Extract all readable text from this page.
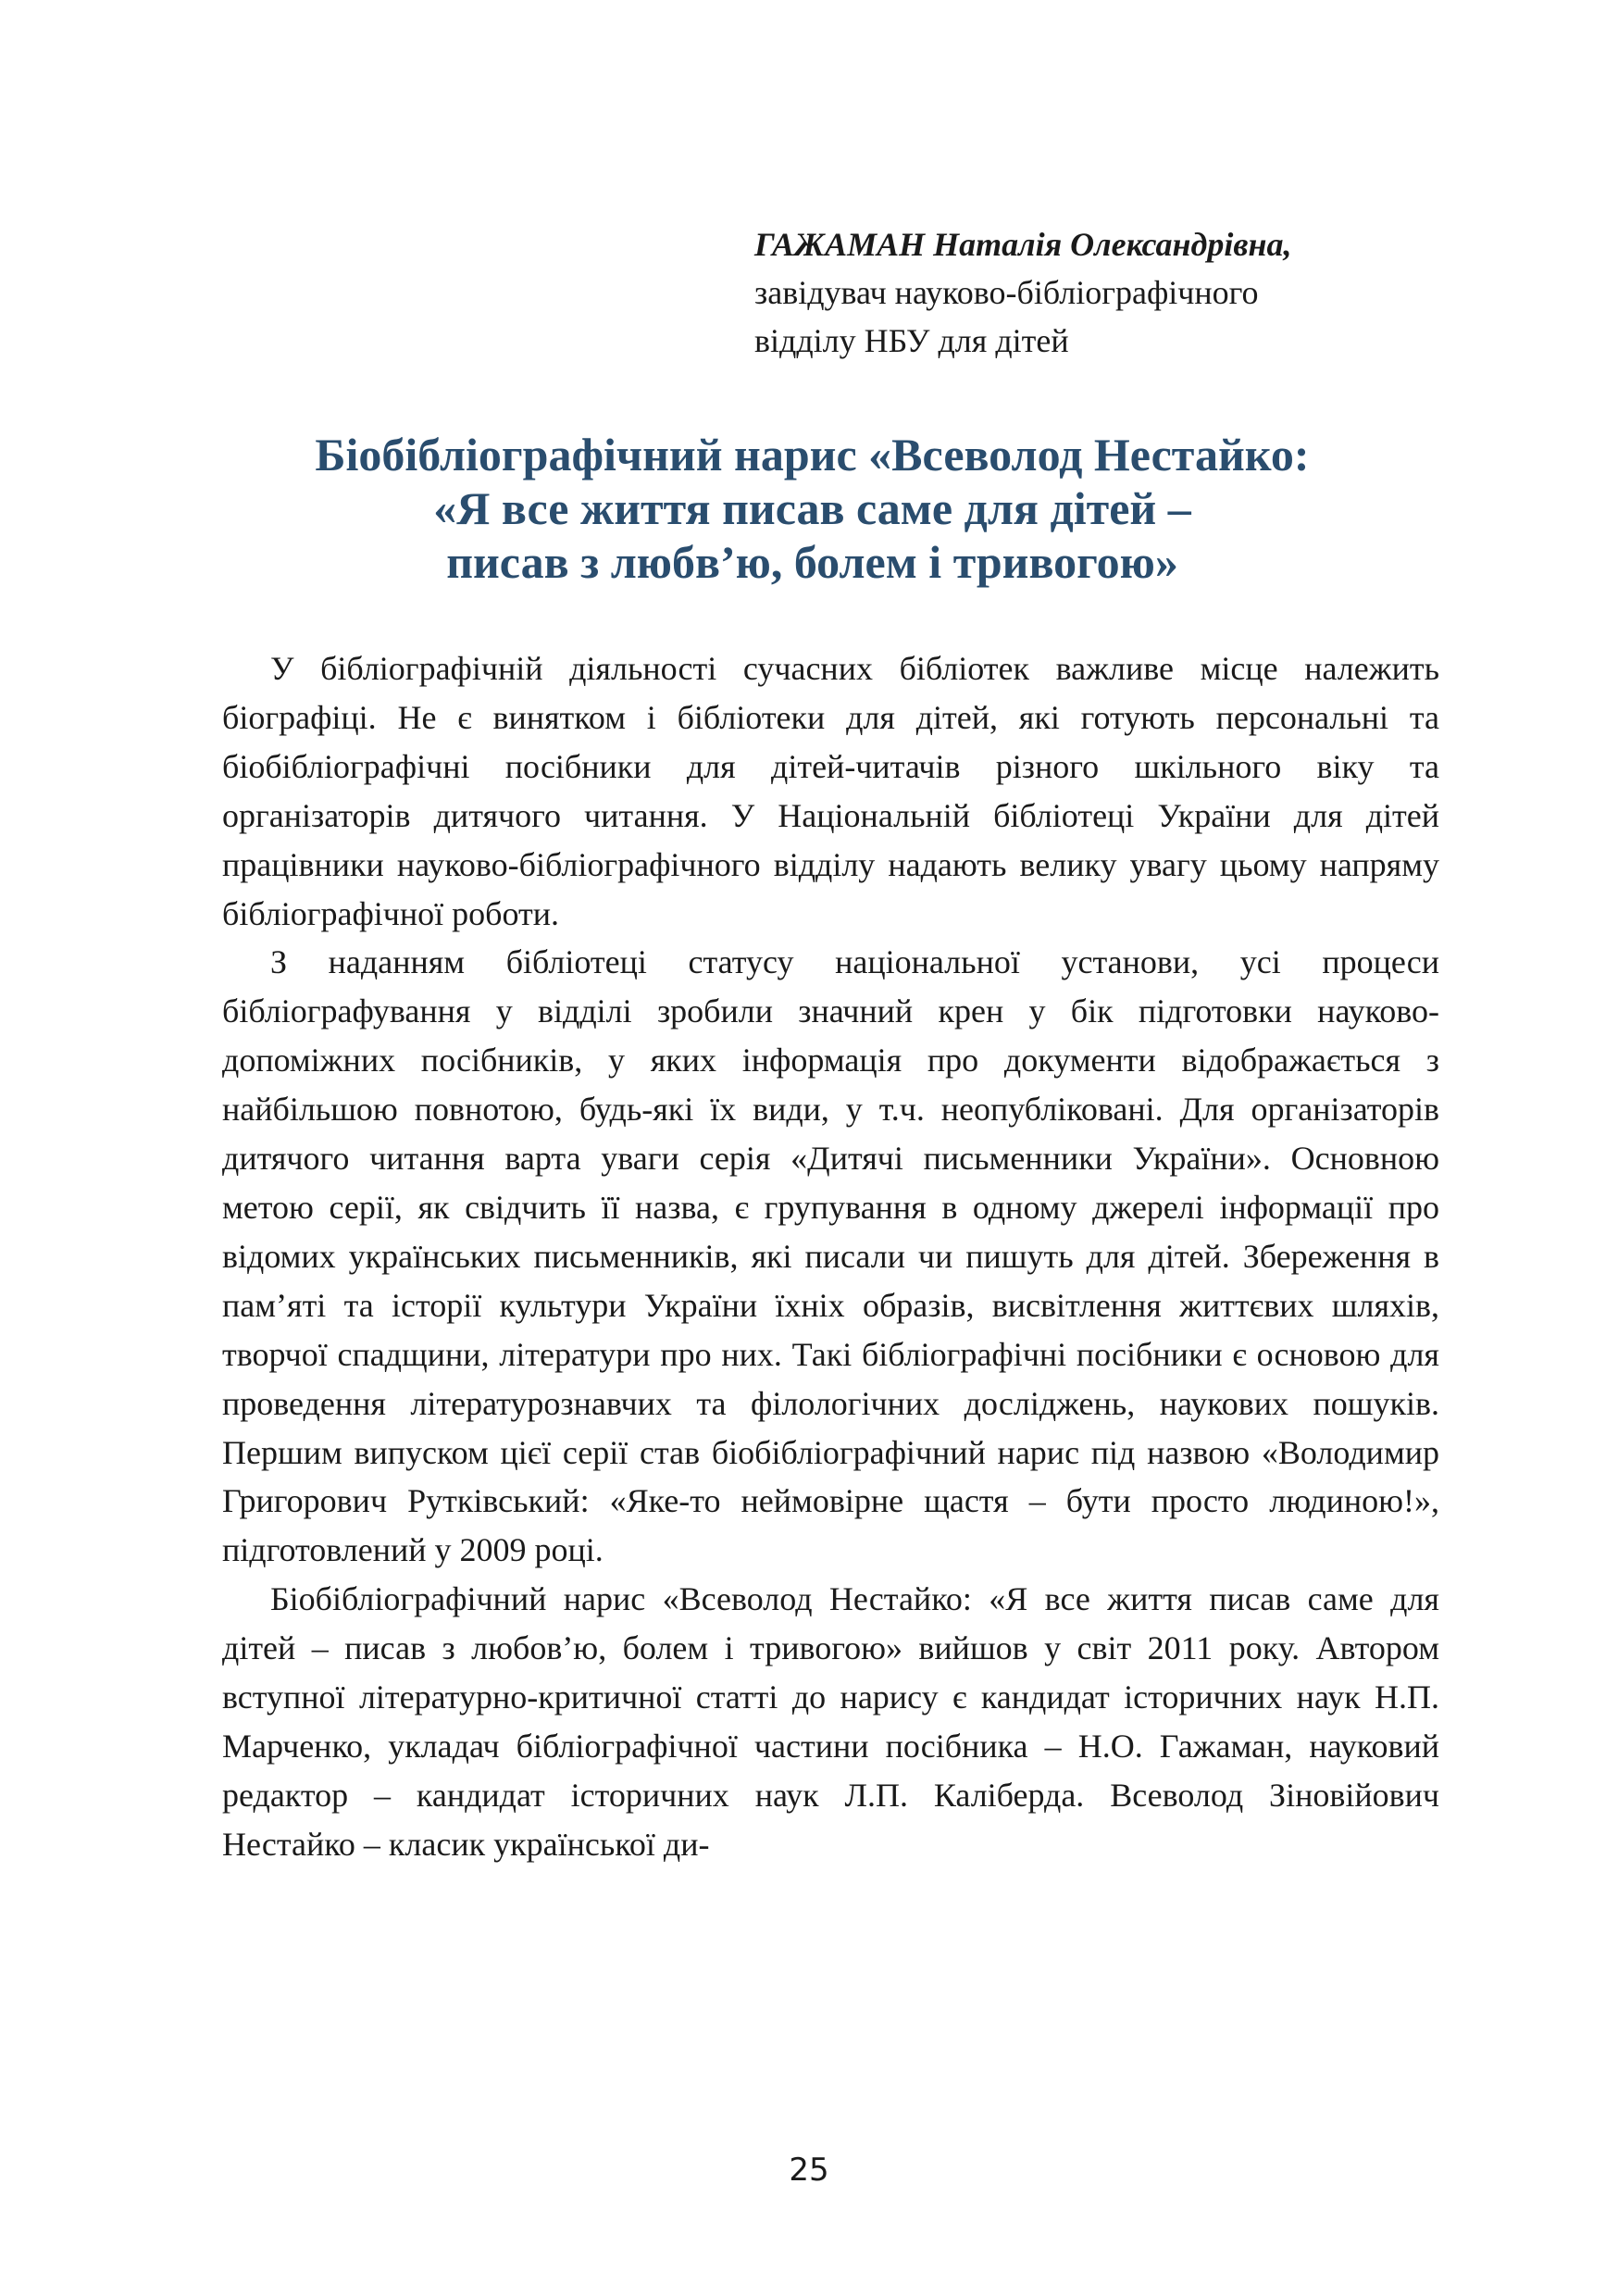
ГАЖАМАН Наталія Олександрівна,
завідувач науково-бібліографічного
відділу НБУ для дітей
Біобібліографічний нарис «Всеволод Нестайко:
«Я все життя писав саме для дітей –
писав з любв’ю, болем і тривогою»

У бібліографічній діяльності сучасних бібліотек важливе місце належить біографіці. Не є винятком і бібліотеки для дітей, які готують персональні та біобібліографічні посібники для дітей-читачів різного шкільного віку та організаторів дитячого читання. У Національній бібліотеці України для дітей працівники науково-бібліографічного відділу надають велику увагу цьому напряму бібліографічної роботи.

З наданням бібліотеці статусу національної установи, усі процеси бібліографування у відділі зробили значний крен у бік підготовки науково-допоміжних посібників, у яких інформація про документи відображається з найбільшою повнотою, будь-які їх види, у т.ч. неопубліковані. Для організаторів дитячого читання варта уваги серія «Дитячі письменники України». Основною метою серії, як свідчить її назва, є групування в одному джерелі інформації про відомих українських письменників, які писали чи пишуть для дітей. Збереження в пам’яті та історії культури України їхніх образів, висвітлення життєвих шляхів, творчої спадщини, літератури про них. Такі бібліографічні посібники є основою для проведення літературознавчих та філологічних досліджень, наукових пошуків. Першим випуском цієї серії став біобібліографічний нарис під назвою «Володимир Григорович Рутківський: «Яке-то неймовірне щастя – бути просто людиною!», підготовлений у 2009 році.

Біобібліографічний нарис «Всеволод Нестайко: «Я все життя писав саме для дітей – писав з любов’ю, болем і тривогою» вийшов у світ 2011 року. Автором вступної літературно-критичної статті до нарису є кандидат історичних наук Н.П. Марченко, укладач бібліографічної частини посібника – Н.О. Гажаман, науковий редактор – кандидат історичних наук Л.П. Каліберда. Всеволод Зіновійович Нестайко – класик української ди-

25
